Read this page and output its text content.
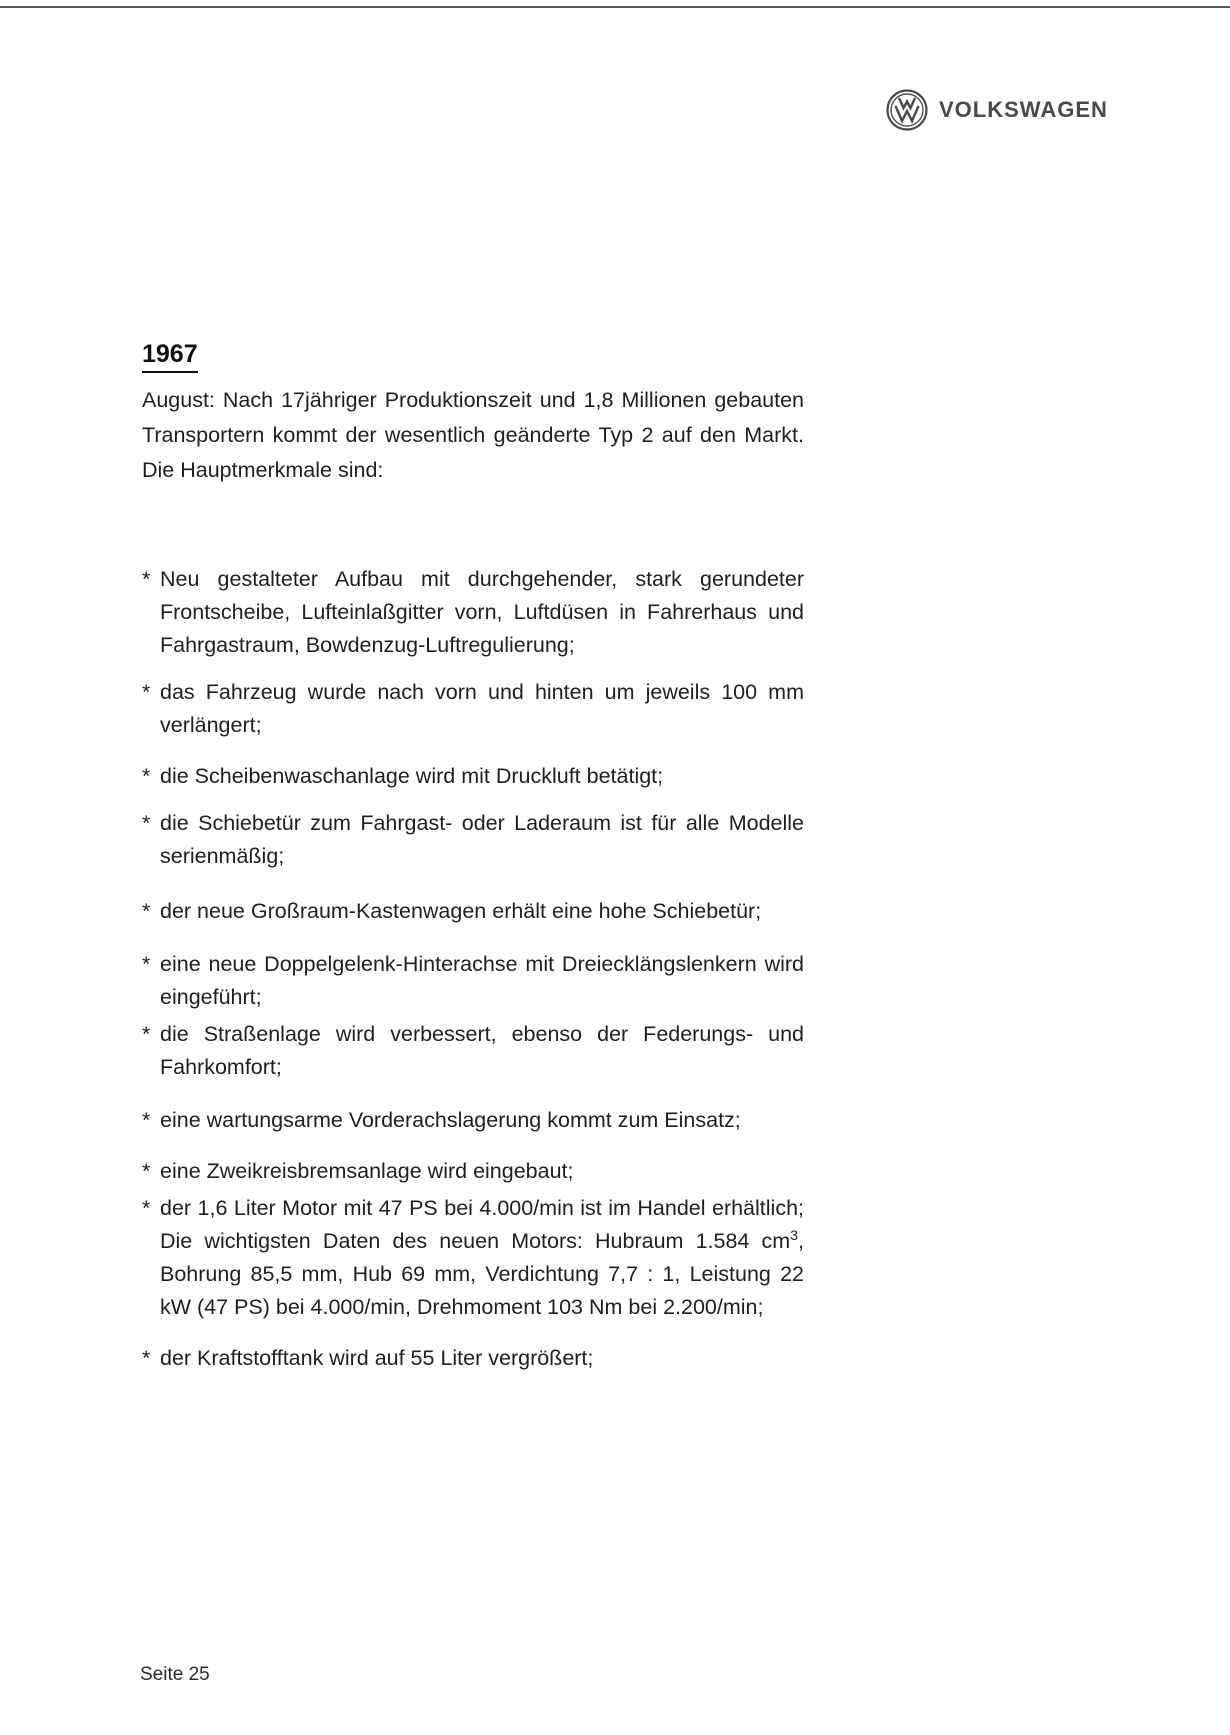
VOLKSWAGEN
1967

August: Nach 17jähriger Produktionszeit und 1,8 Millionen gebauten Transportern kommt der wesentlich geänderte Typ 2 auf den Markt. Die Hauptmerkmale sind:

* Neu gestalteter Aufbau mit durchgehender, stark gerundeter Frontscheibe, Lufteinlaßgitter vorn, Luftdüsen in Fahrerhaus und Fahrgastraum, Bowdenzug-Luftregulierung;
* das Fahrzeug wurde nach vorn und hinten um jeweils 100 mm verlängert;
* die Scheibenwaschanlage wird mit Druckluft betätigt;
* die Schiebetür zum Fahrgast- oder Laderaum ist für alle Modelle serienmäßig;
* der neue Großraum-Kastenwagen erhält eine hohe Schiebetür;
* eine neue Doppelgelenk-Hinterachse mit Dreiecklängslenkern wird eingeführt;
* die Straßenlage wird verbessert, ebenso der Federungs- und Fahrkomfort;
* eine wartungsarme Vorderachslagerung kommt zum Einsatz;
* eine Zweikreisbremsanlage wird eingebaut;
* der 1,6 Liter Motor mit 47 PS bei 4.000/min ist im Handel erhältlich; Die wichtigsten Daten des neuen Motors: Hubraum 1.584 $cm^3$, Bohrung 85,5 mm, Hub 69 mm, Verdichtung 7,7 : 1, Leistung 22 kW (47 PS) bei 4.000/min, Drehmoment 103 Nm bei 2.200/min;
* der Kraftstofftank wird auf 55 Liter vergrößert;
Seite 25
